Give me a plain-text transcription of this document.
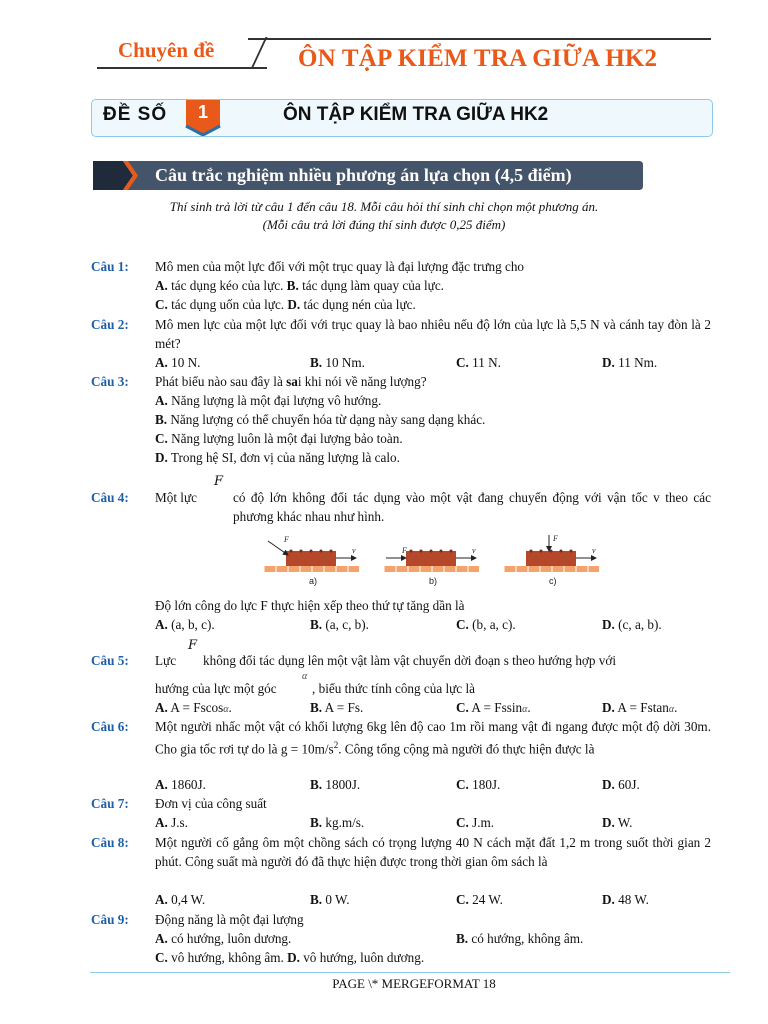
Chuyên đề	ÔN TẬP KIỂM TRA GIỮA HK2
ĐỀ SỐ	1	ÔN TẬP KIỂM TRA GIỮA HK2
Câu trắc nghiệm nhiều phương án lựa chọn (4,5 điểm)
Thí sinh trả lời từ câu 1 đến câu 18. Mỗi câu hỏi thí sinh chỉ chọn một phương án.
(Mỗi câu trả lời đúng thí sinh được 0,25 điểm)
Câu 1: Mô men của một lực đối với một trục quay là đại lượng đặc trưng cho
A. tác dụng kéo của lực. B. tác dụng làm quay của lực.
C. tác dụng uốn của lực. D. tác dụng nén của lực.
Câu 2: Mô men lực của một lực đối với trục quay là bao nhiêu nếu độ lớn của lực là 5,5 N và cánh tay đòn là 2 mét?
A. 10 N.	B. 10 Nm.	C. 11 N.	D. 11 Nm.
Câu 3: Phát biểu nào sau đây là sai khi nói về năng lượng?
A. Năng lượng là một đại lượng vô hướng.
B. Năng lượng có thể chuyển hóa từ dạng này sang dạng khác.
C. Năng lượng luôn là một đại lượng bảo toàn.
D. Trong hệ SI, đơn vị của năng lượng là calo.
Câu 4:
F
Một lực	có độ lớn không đổi tác dụng vào một vật đang chuyển động với vận tốc v theo các phương khác nhau như hình.
v
F
a)
v
F
b)
v
F
c)
Độ lớn công do lực F thực hiện xếp theo thứ tự tăng dần là
A. (a, b, c).	B. (a, c, b).	C. (b, a, c).	D. (c, a, b).
Câu 5:
F
Lực không đổi tác dụng lên một vật làm vật chuyển dời đoạn s theo hướng hợp với
hướng của lực một góc
α
, biểu thức tính công của lực là
A. A = Fscosα.	B. A = Fs.	C. A = Fssinα.	D. A = Fstanα.
Câu 6: Một người nhấc một vật có khối lượng 6kg lên độ cao 1m rồi mang vật đi ngang được một độ dời 30m. Cho gia tốc rơi tự do là $g = 10m/s^2$. Công tổng cộng mà người đó thực hiện được là
A. 1860J.	B. 1800J.	C. 180J.	D. 60J.
Câu 7: Đơn vị của công suất
A. J.s.	B. kg.m/s.	C. J.m.	D. W.
Câu 8: Một người cố gắng ôm một chồng sách có trọng lượng 40 N cách mặt đất 1,2 m trong suốt thời gian 2 phút. Công suất mà người đó đã thực hiện được trong thời gian ôm sách là
A. 0,4 W.	B. 0 W.	C. 24 W.	D. 48 W.
Câu 9: Động năng là một đại lượng
A. có hướng, luôn dương.	B. có hướng, không âm.
C. vô hướng, không âm. D. vô hướng, luôn dương.
PAGE \* MERGEFORMAT 18
